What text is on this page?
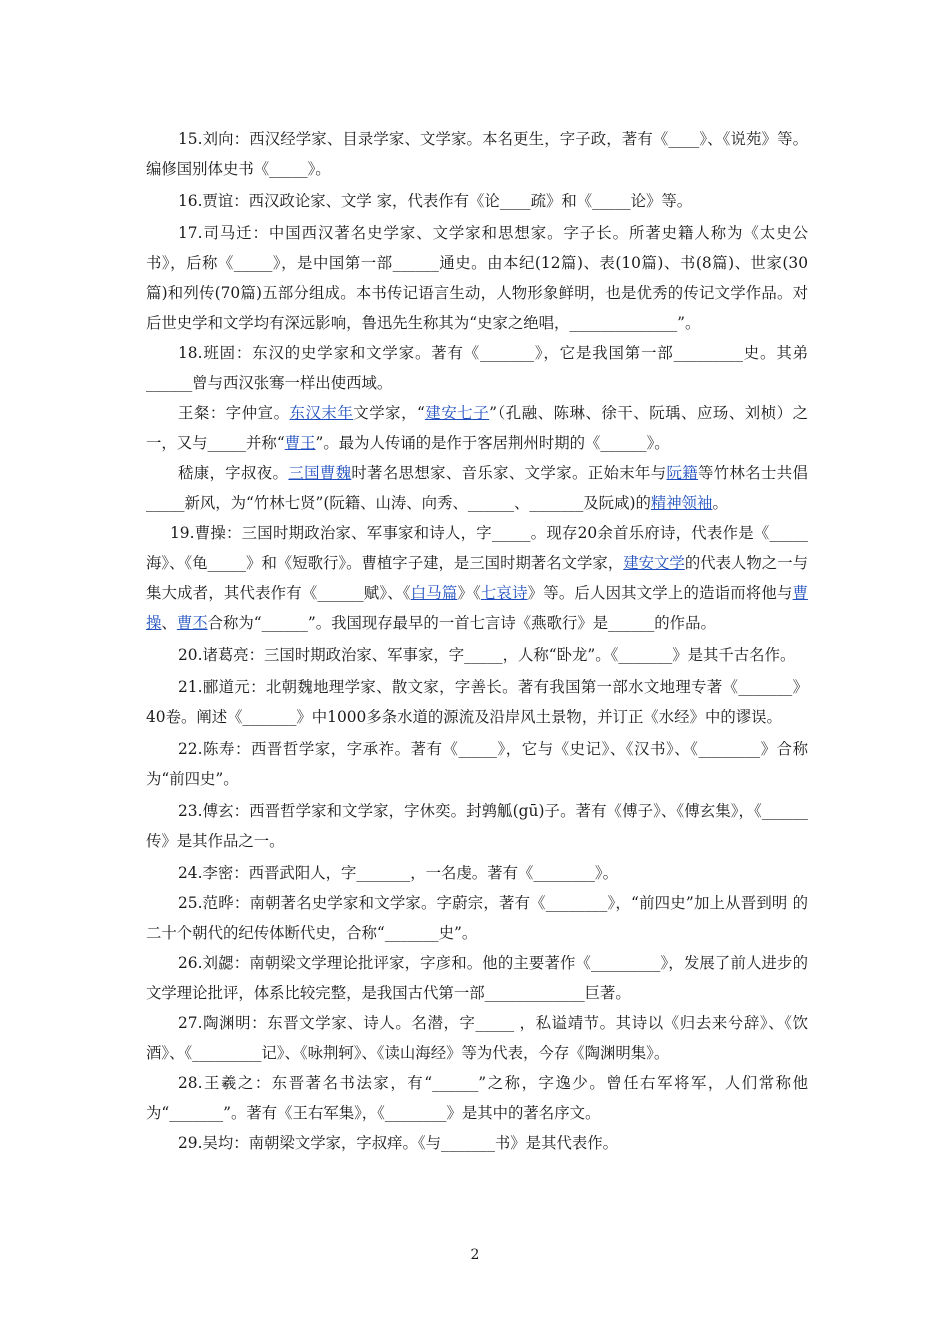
15.刘向：西汉经学家、目录学家、文学家。本名更生，字子政，著有《____》、《说苑》等。编修国别体史书《_____》。

16.贾谊：西汉政论家、文学 家，代表作有《论____疏》和《_____论》等。

17.司马迁：中国西汉著名史学家、文学家和思想家。字子长。所著史籍人称为《太史公书》，后称《_____》，是中国第一部______通史。由本纪(12篇)、表(10篇)、书(8篇)、世家(30篇)和列传(70篇)五部分组成。本书传记语言生动，人物形象鲜明，也是优秀的传记文学作品。对后世史学和文学均有深远影响，鲁迅先生称其为“史家之绝唱，______________”。

18.班固：东汉的史学家和文学家。著有《_______》，它是我国第一部_________史。其弟______曾与西汉张骞一样出使西域。

王粲：字仲宣。东汉末年文学家，“建安七子”（孔融、陈琳、徐干、阮瑀、应玚、刘桢）之一，又与_____并称“曹王”。最为人传诵的是作于客居荆州时期的《______》。

嵇康，字叔夜。三国曹魏时著名思想家、音乐家、文学家。正始末年与阮籍等竹林名士共倡_____新风，为“竹林七贤”(阮籍、山涛、向秀、______、_______及阮咸)的精神领袖。

19.曹操：三国时期政治家、军事家和诗人，字_____。现存20余首乐府诗，代表作是《_____海》、《龟_____》和《短歌行》。曹植字子建，是三国时期著名文学家，建安文学的代表人物之一与集大成者，其代表作有《______赋》、《白马篇》《七哀诗》等。后人因其文学上的造诣而将他与曹操、曹丕合称为“______”。我国现存最早的一首七言诗《燕歌行》是______的作品。

20.诸葛亮：三国时期政治家、军事家，字_____，人称“卧龙”。《_______》是其千古名作。

21.郦道元：北朝魏地理学家、散文家，字善长。著有我国第一部水文地理专著《_______》40卷。阐述《_______》中1000多条水道的源流及沿岸风土景物，并订正《水经》中的谬误。

22.陈寿：西晋哲学家，字承祚。著有《_____》，它与《史记》、《汉书》、《________》合称为“前四史”。

23.傅玄：西晋哲学家和文学家，字休奕。封鹑觚(gū)子。著有《傅子》、《傅玄集》，《______传》是其作品之一。

24.李密：西晋武阳人，字_______，一名虔。著有《________》。

25.范晔：南朝著名史学家和文学家。字蔚宗，著有《________》，“前四史”加上从晋到明 的二十个朝代的纪传体断代史，合称“_______史”。

26.刘勰：南朝梁文学理论批评家，字彦和。他的主要著作《_________》，发展了前人进步的文学理论批评，体系比较完整，是我国古代第一部_____________巨著。

27.陶渊明：东晋文学家、诗人。名潜，字_____ ，私谥靖节。其诗以《归去来兮辞》、《饮酒》、《_________记》、《咏荆轲》、《读山海经》等为代表，今存《陶渊明集》。

28.王羲之：东晋著名书法家，有“______”之称，字逸少。曾任右军将军，人们常称他为“_______”。著有《王右军集》，《________》是其中的著名序文。

29.吴均：南朝梁文学家，字叔痒。《与_______书》是其代表作。

2
